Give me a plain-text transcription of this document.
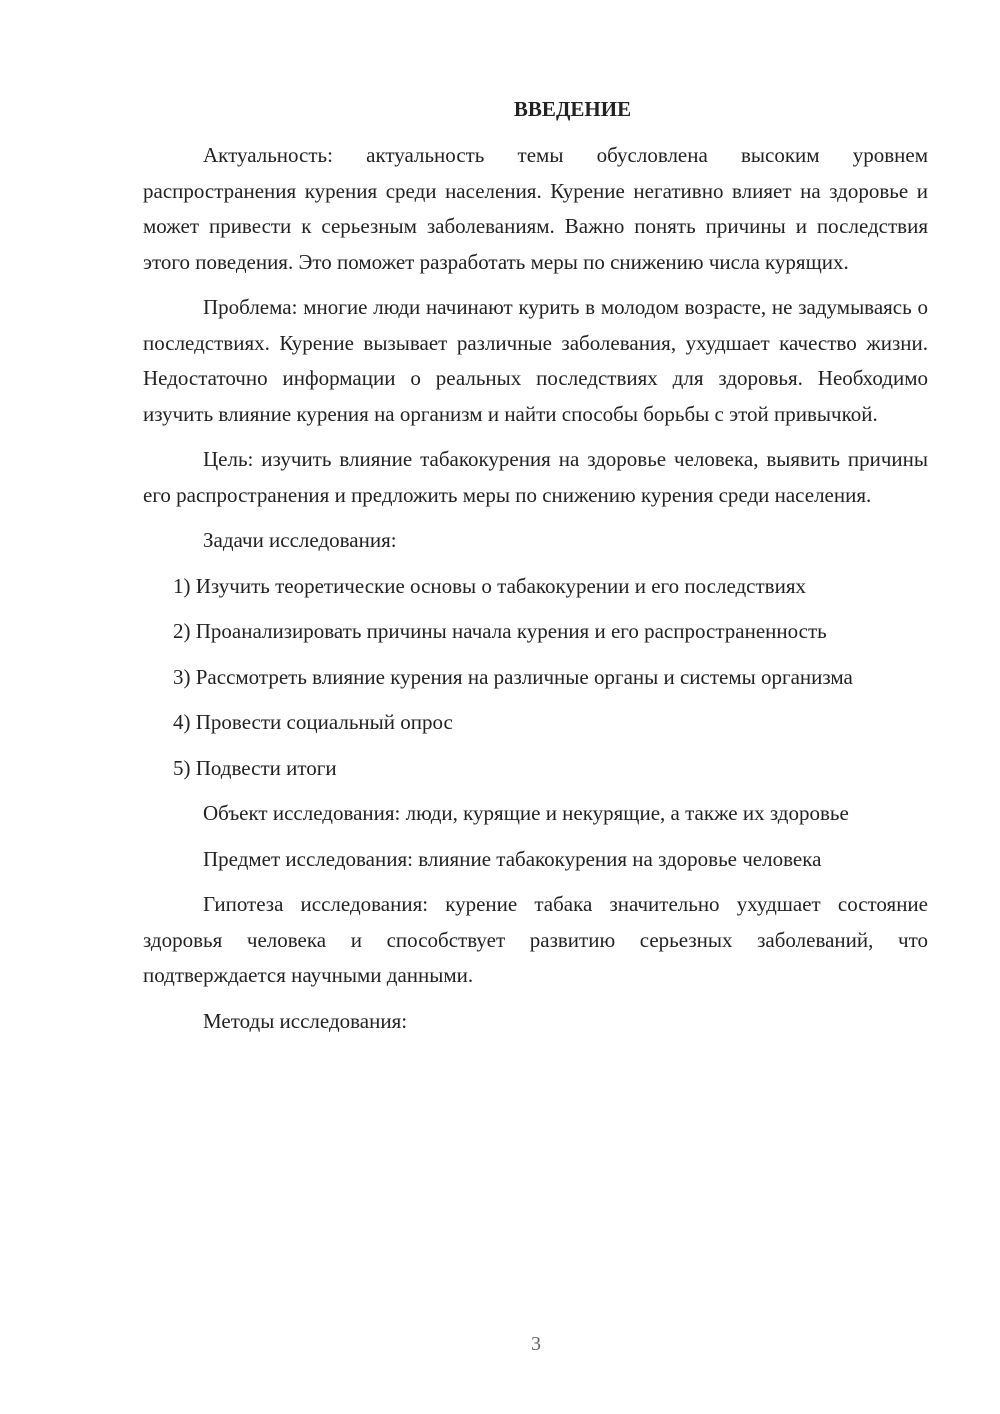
ВВЕДЕНИЕ

Актуальность: актуальность темы обусловлена высоким уровнем распространения курения среди населения. Курение негативно влияет на здоровье и может привести к серьезным заболеваниям. Важно понять причины и последствия этого поведения. Это поможет разработать меры по снижению числа курящих.

Проблема: многие люди начинают курить в молодом возрасте, не задумываясь о последствиях. Курение вызывает различные заболевания, ухудшает качество жизни. Недостаточно информации о реальных последствиях для здоровья. Необходимо изучить влияние курения на организм и найти способы борьбы с этой привычкой.

Цель: изучить влияние табакокурения на здоровье человека, выявить причины его распространения и предложить меры по снижению курения среди населения.

Задачи исследования:

1) Изучить теоретические основы о табакокурении и его последствиях

2) Проанализировать причины начала курения и его распространенность

3) Рассмотреть влияние курения на различные органы и системы организма

4) Провести социальный опрос

5) Подвести итоги

Объект исследования: люди, курящие и некурящие, а также их здоровье

Предмет исследования: влияние табакокурения на здоровье человека

Гипотеза исследования: курение табака значительно ухудшает состояние здоровья человека и способствует развитию серьезных заболеваний, что подтверждается научными данными.

Методы исследования:

3
